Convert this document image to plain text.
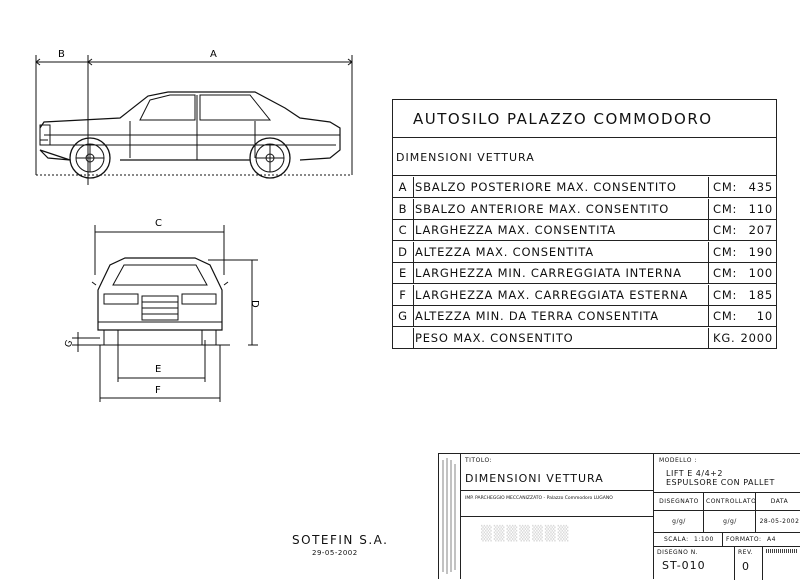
B	A
C
D
E
F
G
AUTOSILO PALAZZO COMMODORO
DIMENSIONI VETTURA
A SBALZO POSTERIORE MAX. CONSENTITO	CM: 435
B SBALZO ANTERIORE MAX. CONSENTITO	CM: 110
C LARGHEZZA MAX. CONSENTITA	CM: 207
D ALTEZZA MAX. CONSENTITA	CM: 190
E LARGHEZZA MIN. CARREGGIATA INTERNA	CM: 100
F LARGHEZZA MAX. CARREGGIATA ESTERNA	CM: 185
G ALTEZZA MIN. DA TERRA CONSENTITA	CM:	10
PESO MAX. CONSENTITO	KG. 2000
SOTEFIN S.A.
29-05-2002
TITOLO:
DIMENSIONI VETTURA
IMP. PARCHEGGIO MECCANIZZATO - Palazzo Commodoro LUGANO
▒▒▒▒▒▒▒
MODELLO :
LIFT E 4/4+2
ESPULSORE CON PALLET
DISEGNATO	CONTROLLATO	DATA
g/g/	g/g/	28-05-2002
SCALA: 1:100 FORMATO: A4
DISEGNO N.
ST-010
REV.
0
